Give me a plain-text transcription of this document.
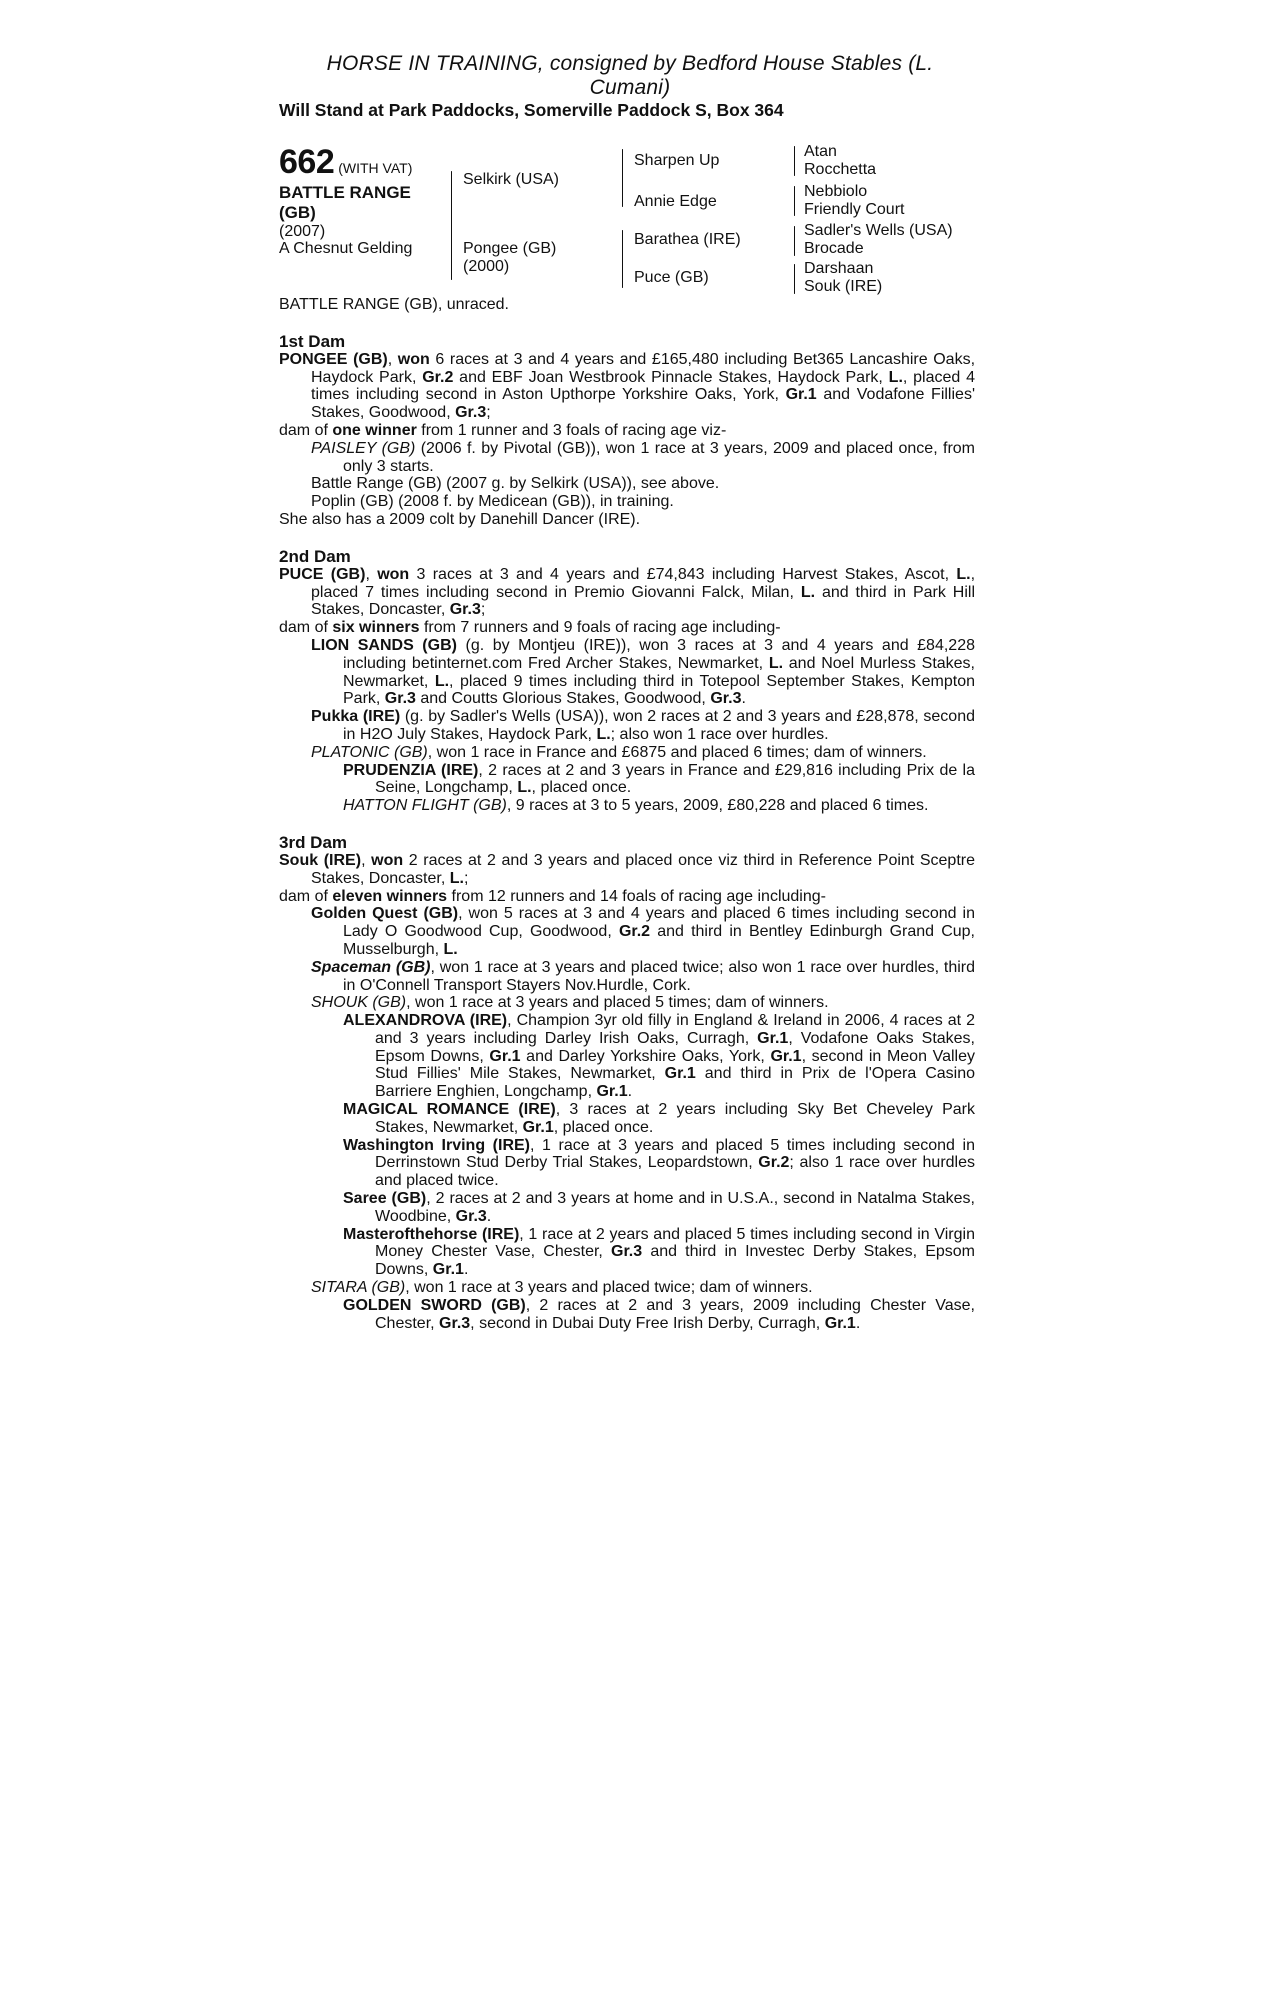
HORSE IN TRAINING, consigned by Bedford House Stables (L. Cumani)
Will Stand at Park Paddocks, Somerville Paddock S, Box 364
662 (WITH VAT)
BATTLE RANGE
(GB)
(2007)
A Chesnut Gelding
Selkirk (USA)
Pongee (GB)
(2000)
Sharpen Up
Annie Edge
Barathea (IRE)
Puce (GB)
Atan
Rocchetta
Nebbiolo
Friendly Court
Sadler's Wells (USA)
Brocade
Darshaan
Souk (IRE)

BATTLE RANGE (GB), unraced.

1st Dam

PONGEE (GB), won 6 races at 3 and 4 years and £165,480 including Bet365 Lancashire Oaks, Haydock Park, Gr.2 and EBF Joan Westbrook Pinnacle Stakes, Haydock Park, L., placed 4 times including second in Aston Upthorpe Yorkshire Oaks, York, Gr.1 and Vodafone Fillies' Stakes, Goodwood, Gr.3;

dam of one winner from 1 runner and 3 foals of racing age viz-

PAISLEY (GB) (2006 f. by Pivotal (GB)), won 1 race at 3 years, 2009 and placed once, from only 3 starts.

Battle Range (GB) (2007 g. by Selkirk (USA)), see above.

Poplin (GB) (2008 f. by Medicean (GB)), in training.

She also has a 2009 colt by Danehill Dancer (IRE).

2nd Dam

PUCE (GB), won 3 races at 3 and 4 years and £74,843 including Harvest Stakes, Ascot, L., placed 7 times including second in Premio Giovanni Falck, Milan, L. and third in Park Hill Stakes, Doncaster, Gr.3;

dam of six winners from 7 runners and 9 foals of racing age including-

LION SANDS (GB) (g. by Montjeu (IRE)), won 3 races at 3 and 4 years and £84,228 including betinternet.com Fred Archer Stakes, Newmarket, L. and Noel Murless Stakes, Newmarket, L., placed 9 times including third in Totepool September Stakes, Kempton Park, Gr.3 and Coutts Glorious Stakes, Goodwood, Gr.3.

Pukka (IRE) (g. by Sadler's Wells (USA)), won 2 races at 2 and 3 years and £28,878, second in H2O July Stakes, Haydock Park, L.; also won 1 race over hurdles.

PLATONIC (GB), won 1 race in France and £6875 and placed 6 times; dam of winners.

PRUDENZIA (IRE), 2 races at 2 and 3 years in France and £29,816 including Prix de la Seine, Longchamp, L., placed once.

HATTON FLIGHT (GB), 9 races at 3 to 5 years, 2009, £80,228 and placed 6 times.

3rd Dam

Souk (IRE), won 2 races at 2 and 3 years and placed once viz third in Reference Point Sceptre Stakes, Doncaster, L.;

dam of eleven winners from 12 runners and 14 foals of racing age including-

Golden Quest (GB), won 5 races at 3 and 4 years and placed 6 times including second in Lady O Goodwood Cup, Goodwood, Gr.2 and third in Bentley Edinburgh Grand Cup, Musselburgh, L.

Spaceman (GB), won 1 race at 3 years and placed twice; also won 1 race over hurdles, third in O'Connell Transport Stayers Nov.Hurdle, Cork.

SHOUK (GB), won 1 race at 3 years and placed 5 times; dam of winners.

ALEXANDROVA (IRE), Champion 3yr old filly in England & Ireland in 2006, 4 races at 2 and 3 years including Darley Irish Oaks, Curragh, Gr.1, Vodafone Oaks Stakes, Epsom Downs, Gr.1 and Darley Yorkshire Oaks, York, Gr.1, second in Meon Valley Stud Fillies' Mile Stakes, Newmarket, Gr.1 and third in Prix de l'Opera Casino Barriere Enghien, Longchamp, Gr.1.

MAGICAL ROMANCE (IRE), 3 races at 2 years including Sky Bet Cheveley Park Stakes, Newmarket, Gr.1, placed once.

Washington Irving (IRE), 1 race at 3 years and placed 5 times including second in Derrinstown Stud Derby Trial Stakes, Leopardstown, Gr.2; also 1 race over hurdles and placed twice.

Saree (GB), 2 races at 2 and 3 years at home and in U.S.A., second in Natalma Stakes, Woodbine, Gr.3.

Masterofthehorse (IRE), 1 race at 2 years and placed 5 times including second in Virgin Money Chester Vase, Chester, Gr.3 and third in Investec Derby Stakes, Epsom Downs, Gr.1.

SITARA (GB), won 1 race at 3 years and placed twice; dam of winners.

GOLDEN SWORD (GB), 2 races at 2 and 3 years, 2009 including Chester Vase, Chester, Gr.3, second in Dubai Duty Free Irish Derby, Curragh, Gr.1.
